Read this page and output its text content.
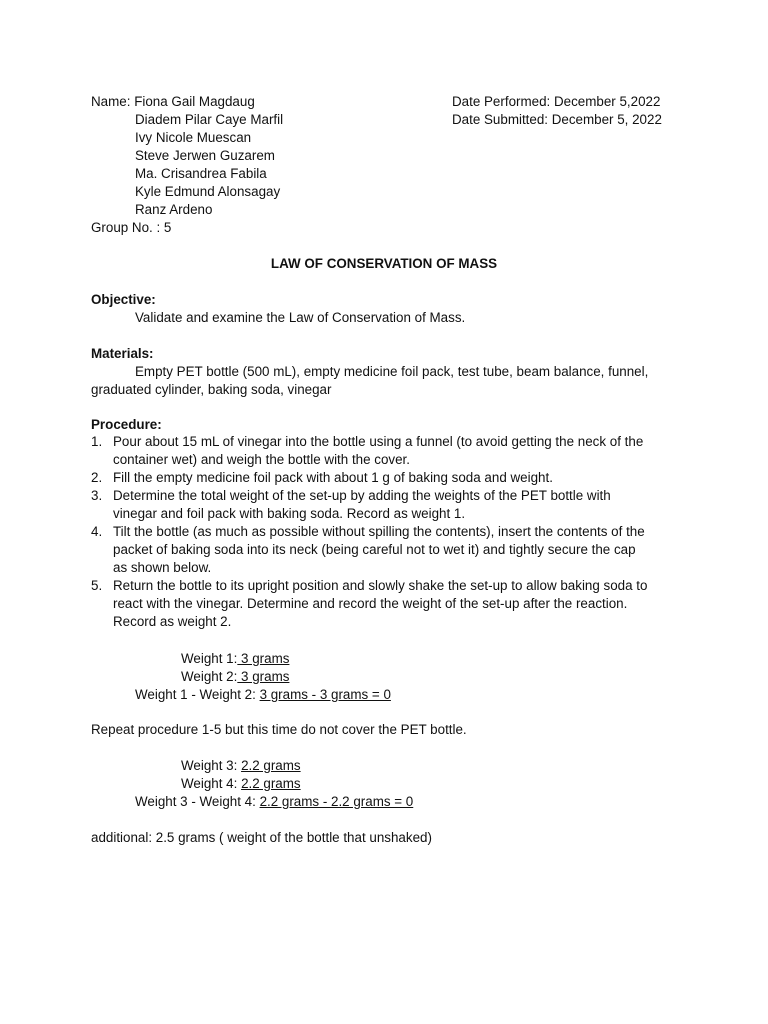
Name: Fiona Gail Magdaug
Diadem Pilar Caye Marfil
Ivy Nicole Muescan
Steve Jerwen Guzarem
Ma. Crisandrea Fabila
Kyle Edmund Alonsagay
Ranz Ardeno
Group No. : 5
Date Performed: December 5,2022
Date Submitted: December 5, 2022
LAW OF CONSERVATION OF MASS
Objective:
Validate and examine the Law of Conservation of Mass.
Materials:
Empty PET bottle (500 mL), empty medicine foil pack, test tube, beam balance, funnel,
graduated cylinder, baking soda, vinegar
Procedure:
1. Pour about 15 mL of vinegar into the bottle using a funnel (to avoid getting the neck of the
container wet) and weigh the bottle with the cover.
2. Fill the empty medicine foil pack with about 1 g of baking soda and weight.
3. Determine the total weight of the set-up by adding the weights of the PET bottle with
vinegar and foil pack with baking soda. Record as weight 1.
4. Tilt the bottle (as much as possible without spilling the contents), insert the contents of the
packet of baking soda into its neck (being careful not to wet it) and tightly secure the cap
as shown below.
5. Return the bottle to its upright position and slowly shake the set-up to allow baking soda to
react with the vinegar. Determine and record the weight of the set-up after the reaction.
Record as weight 2.
Weight 1: 3 grams
Weight 2: 3 grams
Weight 1 - Weight 2: 3 grams - 3 grams = 0
Repeat procedure 1-5 but this time do not cover the PET bottle.
Weight 3: 2.2 grams
Weight 4: 2.2 grams
Weight 3 - Weight 4: 2.2 grams - 2.2 grams = 0
additional: 2.5 grams ( weight of the bottle that unshaked)
